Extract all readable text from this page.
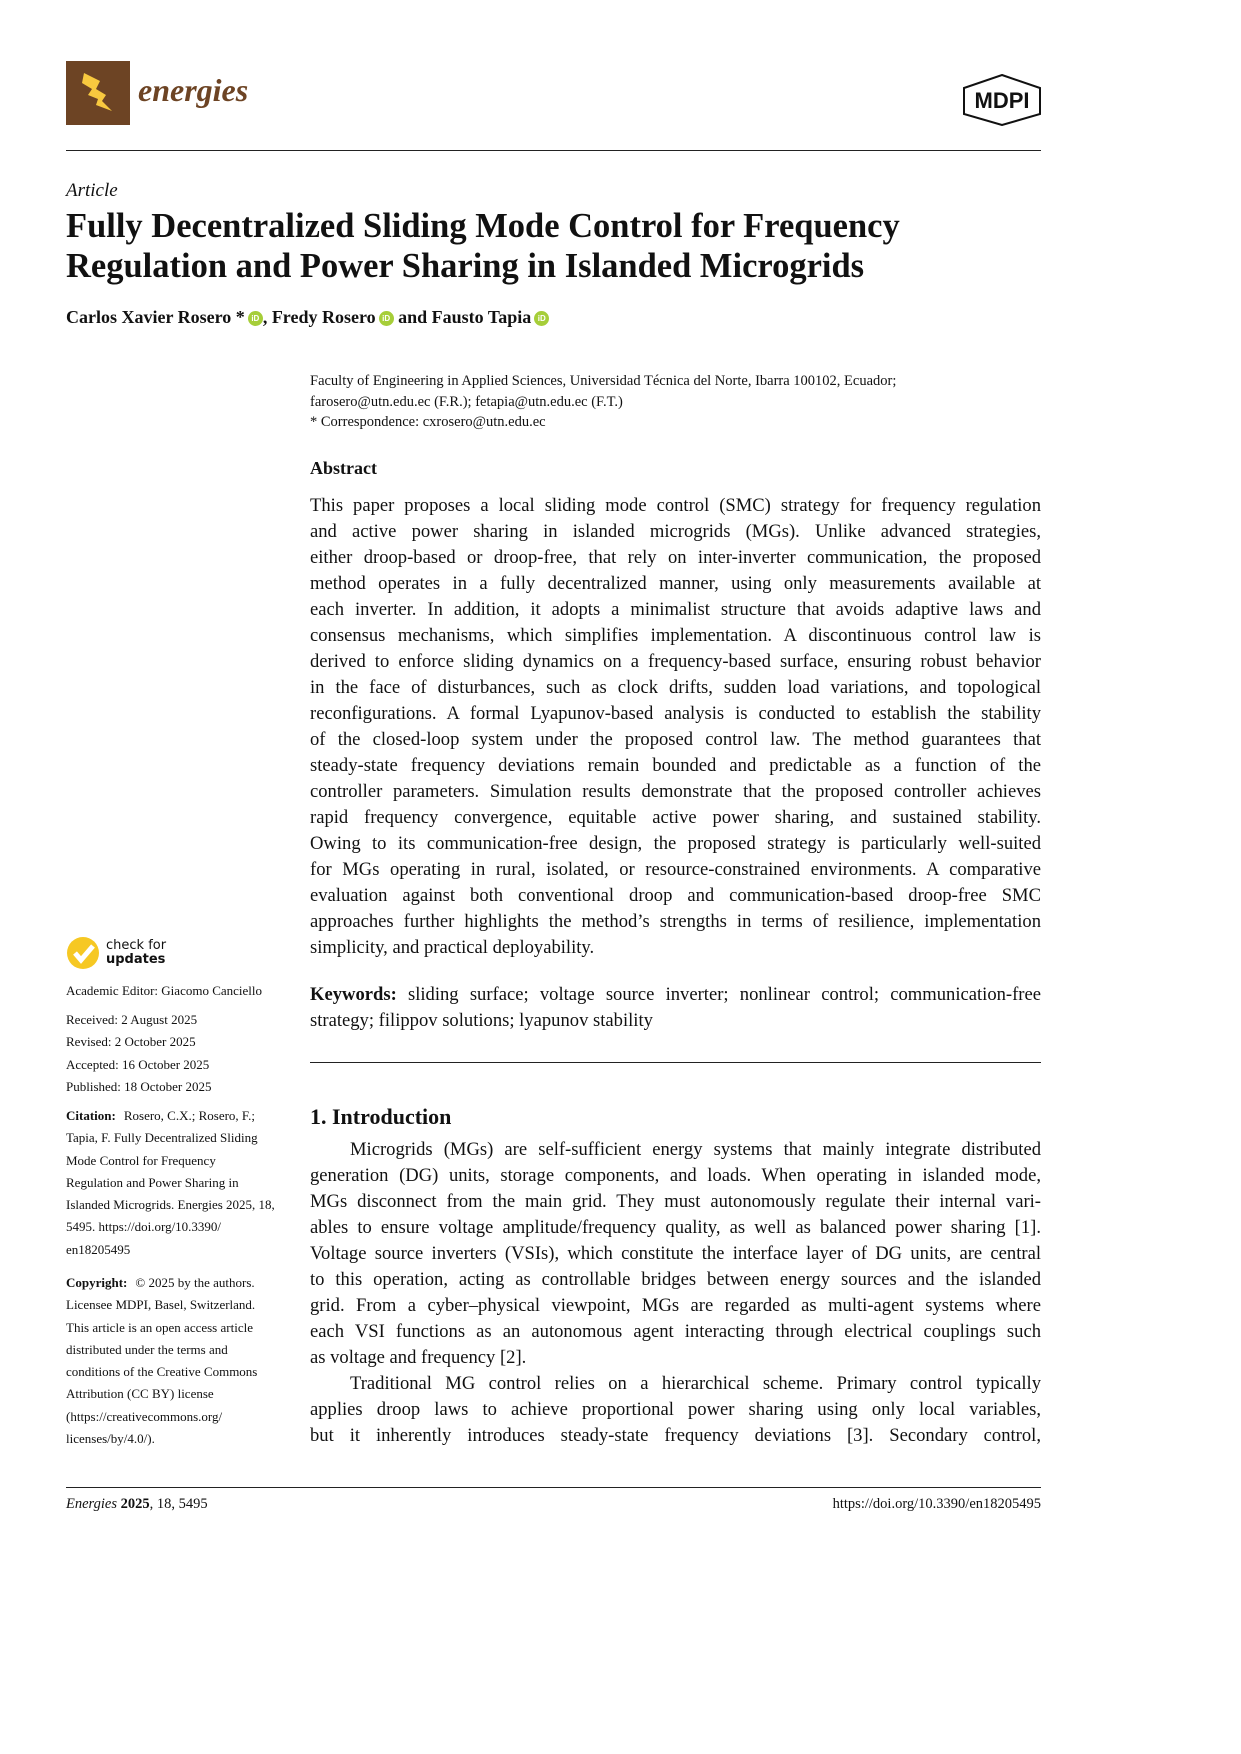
energies	MDPI
Article
Fully Decentralized Sliding Mode Control for Frequency
Regulation and Power Sharing in Islanded Microgrids
Carlos Xavier Rosero * iD , Fredy Rosero iD and Fausto Tapia iD
Faculty of Engineering in Applied Sciences, Universidad Técnica del Norte, Ibarra 100102, Ecuador;
farosero@utn.edu.ec (F.R.); fetapia@utn.edu.ec (F.T.)
* Correspondence: cxrosero@utn.edu.ec
Abstract
This paper proposes a local sliding mode control (SMC) strategy for frequency regulation
and active power sharing in islanded microgrids (MGs). Unlike advanced strategies,
either droop-based or droop-free, that rely on inter-inverter communication, the proposed
method operates in a fully decentralized manner, using only measurements available at
each inverter. In addition, it adopts a minimalist structure that avoids adaptive laws and
consensus mechanisms, which simplifies implementation. A discontinuous control law is
derived to enforce sliding dynamics on a frequency-based surface, ensuring robust behavior
in the face of disturbances, such as clock drifts, sudden load variations, and topological
reconfigurations. A formal Lyapunov-based analysis is conducted to establish the stability
of the closed-loop system under the proposed control law. The method guarantees that
steady-state frequency deviations remain bounded and predictable as a function of the
controller parameters. Simulation results demonstrate that the proposed controller achieves
rapid frequency convergence, equitable active power sharing, and sustained stability.
Owing to its communication-free design, the proposed strategy is particularly well-suited
for MGs operating in rural, isolated, or resource-constrained environments. A comparative
evaluation against both conventional droop and communication-based droop-free SMC
approaches further highlights the method’s strengths in terms of resilience, implementation
simplicity, and practical deployability.
Keywords: sliding surface; voltage source inverter; nonlinear control; communication-free
strategy; filippov solutions; lyapunov stability
1. Introduction
Microgrids (MGs) are self-sufficient energy systems that mainly integrate distributed
generation (DG) units, storage components, and loads. When operating in islanded mode,
MGs disconnect from the main grid. They must autonomously regulate their internal vari-
ables to ensure voltage amplitude/frequency quality, as well as balanced power sharing [1].
Voltage source inverters (VSIs), which constitute the interface layer of DG units, are central
to this operation, acting as controllable bridges between energy sources and the islanded
grid. From a cyber–physical viewpoint, MGs are regarded as multi-agent systems where
each VSI functions as an autonomous agent interacting through electrical couplings such
as voltage and frequency [2].
Traditional MG control relies on a hierarchical scheme. Primary control typically
applies droop laws to achieve proportional power sharing using only local variables,
but it inherently introduces steady-state frequency deviations [3]. Secondary control,
check for
updates
Academic Editor: Giacomo Canciello
Received: 2 August 2025
Revised: 2 October 2025
Accepted: 16 October 2025
Published: 18 October 2025
Citation: Rosero, C.X.; Rosero, F.;
Tapia, F. Fully Decentralized Sliding
Mode Control for Frequency
Regulation and Power Sharing in
Islanded Microgrids. Energies 2025, 18,
5495. https://doi.org/10.3390/
en18205495
Copyright: © 2025 by the authors.
Licensee MDPI, Basel, Switzerland.
This article is an open access article
distributed under the terms and
conditions of the Creative Commons
Attribution (CC BY) license
(https://creativecommons.org/
licenses/by/4.0/).
Energies 2025, 18, 5495	https://doi.org/10.3390/en18205495
